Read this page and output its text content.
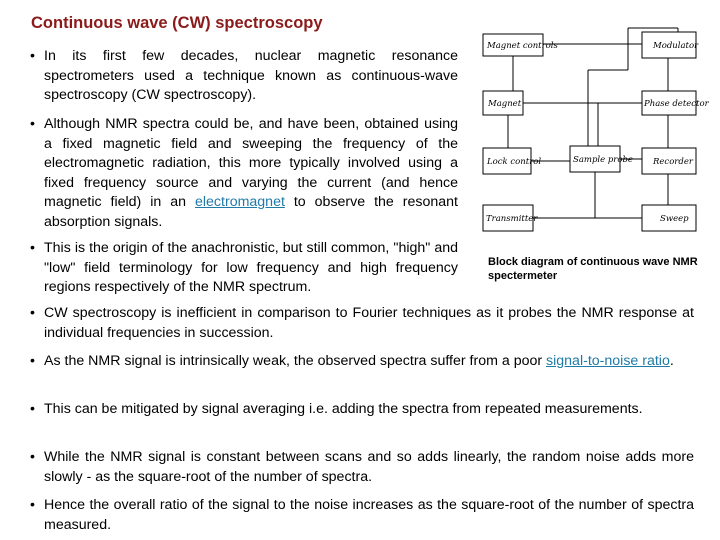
Continuous wave (CW) spectroscopy
• In its first few decades, nuclear magnetic resonance spectrometers used a technique known as continuous-wave spectroscopy (CW spectroscopy).
• Although NMR spectra could be, and have been, obtained using a fixed magnetic field and sweeping the frequency of the electromagnetic radiation, this more typically involved using a fixed frequency source and varying the current (and hence magnetic field) in an electromagnet to observe the resonant absorption signals.
• This is the origin of the anachronistic, but still common, "high" and "low" field terminology for low frequency and high frequency regions respectively of the NMR spectrum.
• CW spectroscopy is inefficient in comparison to Fourier techniques as it probes the NMR response at individual frequencies in succession.
• As the NMR signal is intrinsically weak, the observed spectra suffer from a poor signal-to-noise ratio.
• This can be mitigated by signal averaging i.e. adding the spectra from repeated measurements.
• While the NMR signal is constant between scans and so adds linearly, the random noise adds more slowly - as the square-root of the number of spectra.
• Hence the overall ratio of the signal to the noise increases as the square-root of the number of spectra measured.
Magnet controls	Modulator
Magnet	Phase detector
Lock control	Sample probe Recorder
Transmitter	Sweep
Block diagram of continuous wave NMR spectermeter
